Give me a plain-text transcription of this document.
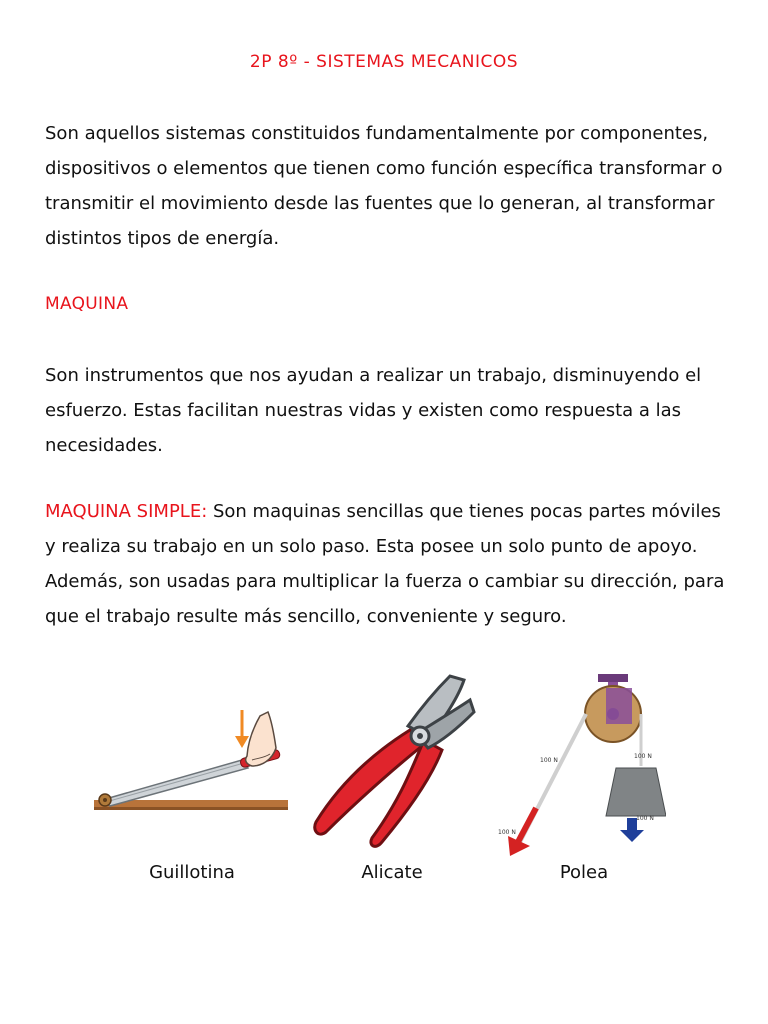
2P 8º - SISTEMAS MECANICOS

Son aquellos sistemas constituidos fundamentalmente por componentes, dispositivos o elementos que tienen como función específica transformar o transmitir el movimiento desde las fuentes que lo generan, al transformar distintos tipos de energía.

MAQUINA

Son instrumentos que nos ayudan a realizar un trabajo, disminuyendo el esfuerzo. Estas facilitan nuestras vidas y existen como respuesta a las necesidades.

MAQUINA SIMPLE: Son maquinas sencillas que tienes pocas partes móviles y realiza su trabajo en un solo paso. Esta posee un solo punto de apoyo. Además, son usadas para multiplicar la fuerza o cambiar su dirección, para que el trabajo resulte más sencillo, conveniente y seguro.

Guillotina	Alicate
100 N
100 N
100 N
100 N
Polea
